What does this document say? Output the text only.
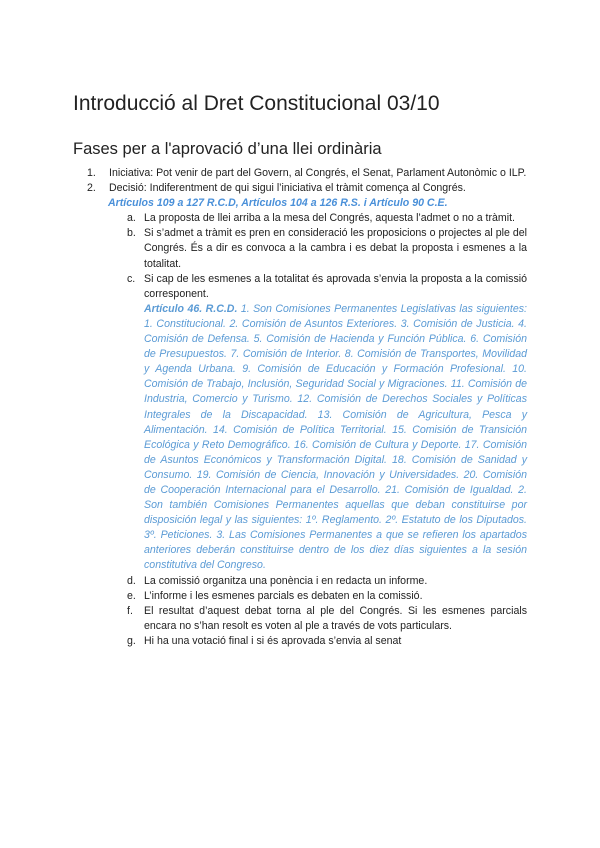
Introducció al Dret Constitucional 03/10
Fases per a l'aprovació d’una llei ordinària
1. Iniciativa: Pot venir de part del Govern, al Congrés, el Senat, Parlament Autonòmic o ILP.
2. Decisió: Indiferentment de qui sigui l’iniciativa el tràmit comença al Congrés.
Artículos 109 a 127 R.C.D, Artículos 104 a 126 R.S. i Artículo 90 C.E.
a. La proposta de llei arriba a la mesa del Congrés, aquesta l’admet o no a tràmit.
b. Si s’admet a tràmit es pren en consideració les proposicions o projectes al ple del Congrés. És a dir es convoca a la cambra i es debat la proposta i esmenes a la totalitat.
c. Si cap de les esmenes a la totalitat és aprovada s’envia la proposta a la comissió corresponent.
Artículo 46. R.C.D. 1. Son Comisiones Permanentes Legislativas las siguientes: 1. Constitucional. 2. Comisión de Asuntos Exteriores. 3. Comisión de Justicia. 4. Comisión de Defensa. 5. Comisión de Hacienda y Función Pública. 6. Comisión de Presupuestos. 7. Comisión de Interior. 8. Comisión de Transportes, Movilidad y Agenda Urbana. 9. Comisión de Educación y Formación Profesional. 10. Comisión de Trabajo, Inclusión, Seguridad Social y Migraciones. 11. Comisión de Industria, Comercio y Turismo. 12. Comisión de Derechos Sociales y Políticas Integrales de la Discapacidad. 13. Comisión de Agricultura, Pesca y Alimentación. 14. Comisión de Política Territorial. 15. Comisión de Transición Ecológica y Reto Demográfico. 16. Comisión de Cultura y Deporte. 17. Comisión de Asuntos Económicos y Transformación Digital. 18. Comisión de Sanidad y Consumo. 19. Comisión de Ciencia, Innovación y Universidades. 20. Comisión de Cooperación Internacional para el Desarrollo. 21. Comisión de Igualdad. 2. Son también Comisiones Permanentes aquellas que deban constituirse por disposición legal y las siguientes: 1º. Reglamento. 2º. Estatuto de los Diputados. 3º. Peticiones. 3. Las Comisiones Permanentes a que se refieren los apartados anteriores deberán constituirse dentro de los diez días siguientes a la sesión constitutiva del Congreso.
d. La comissió organitza una ponència i en redacta un informe.
e. L’informe i les esmenes parcials es debaten en la comissió.
f. El resultat d’aquest debat torna al ple del Congrés. Si les esmenes parcials encara no s’han resolt es voten al ple a través de vots particulars.
g. Hi ha una votació final i si és aprovada s’envia al senat
